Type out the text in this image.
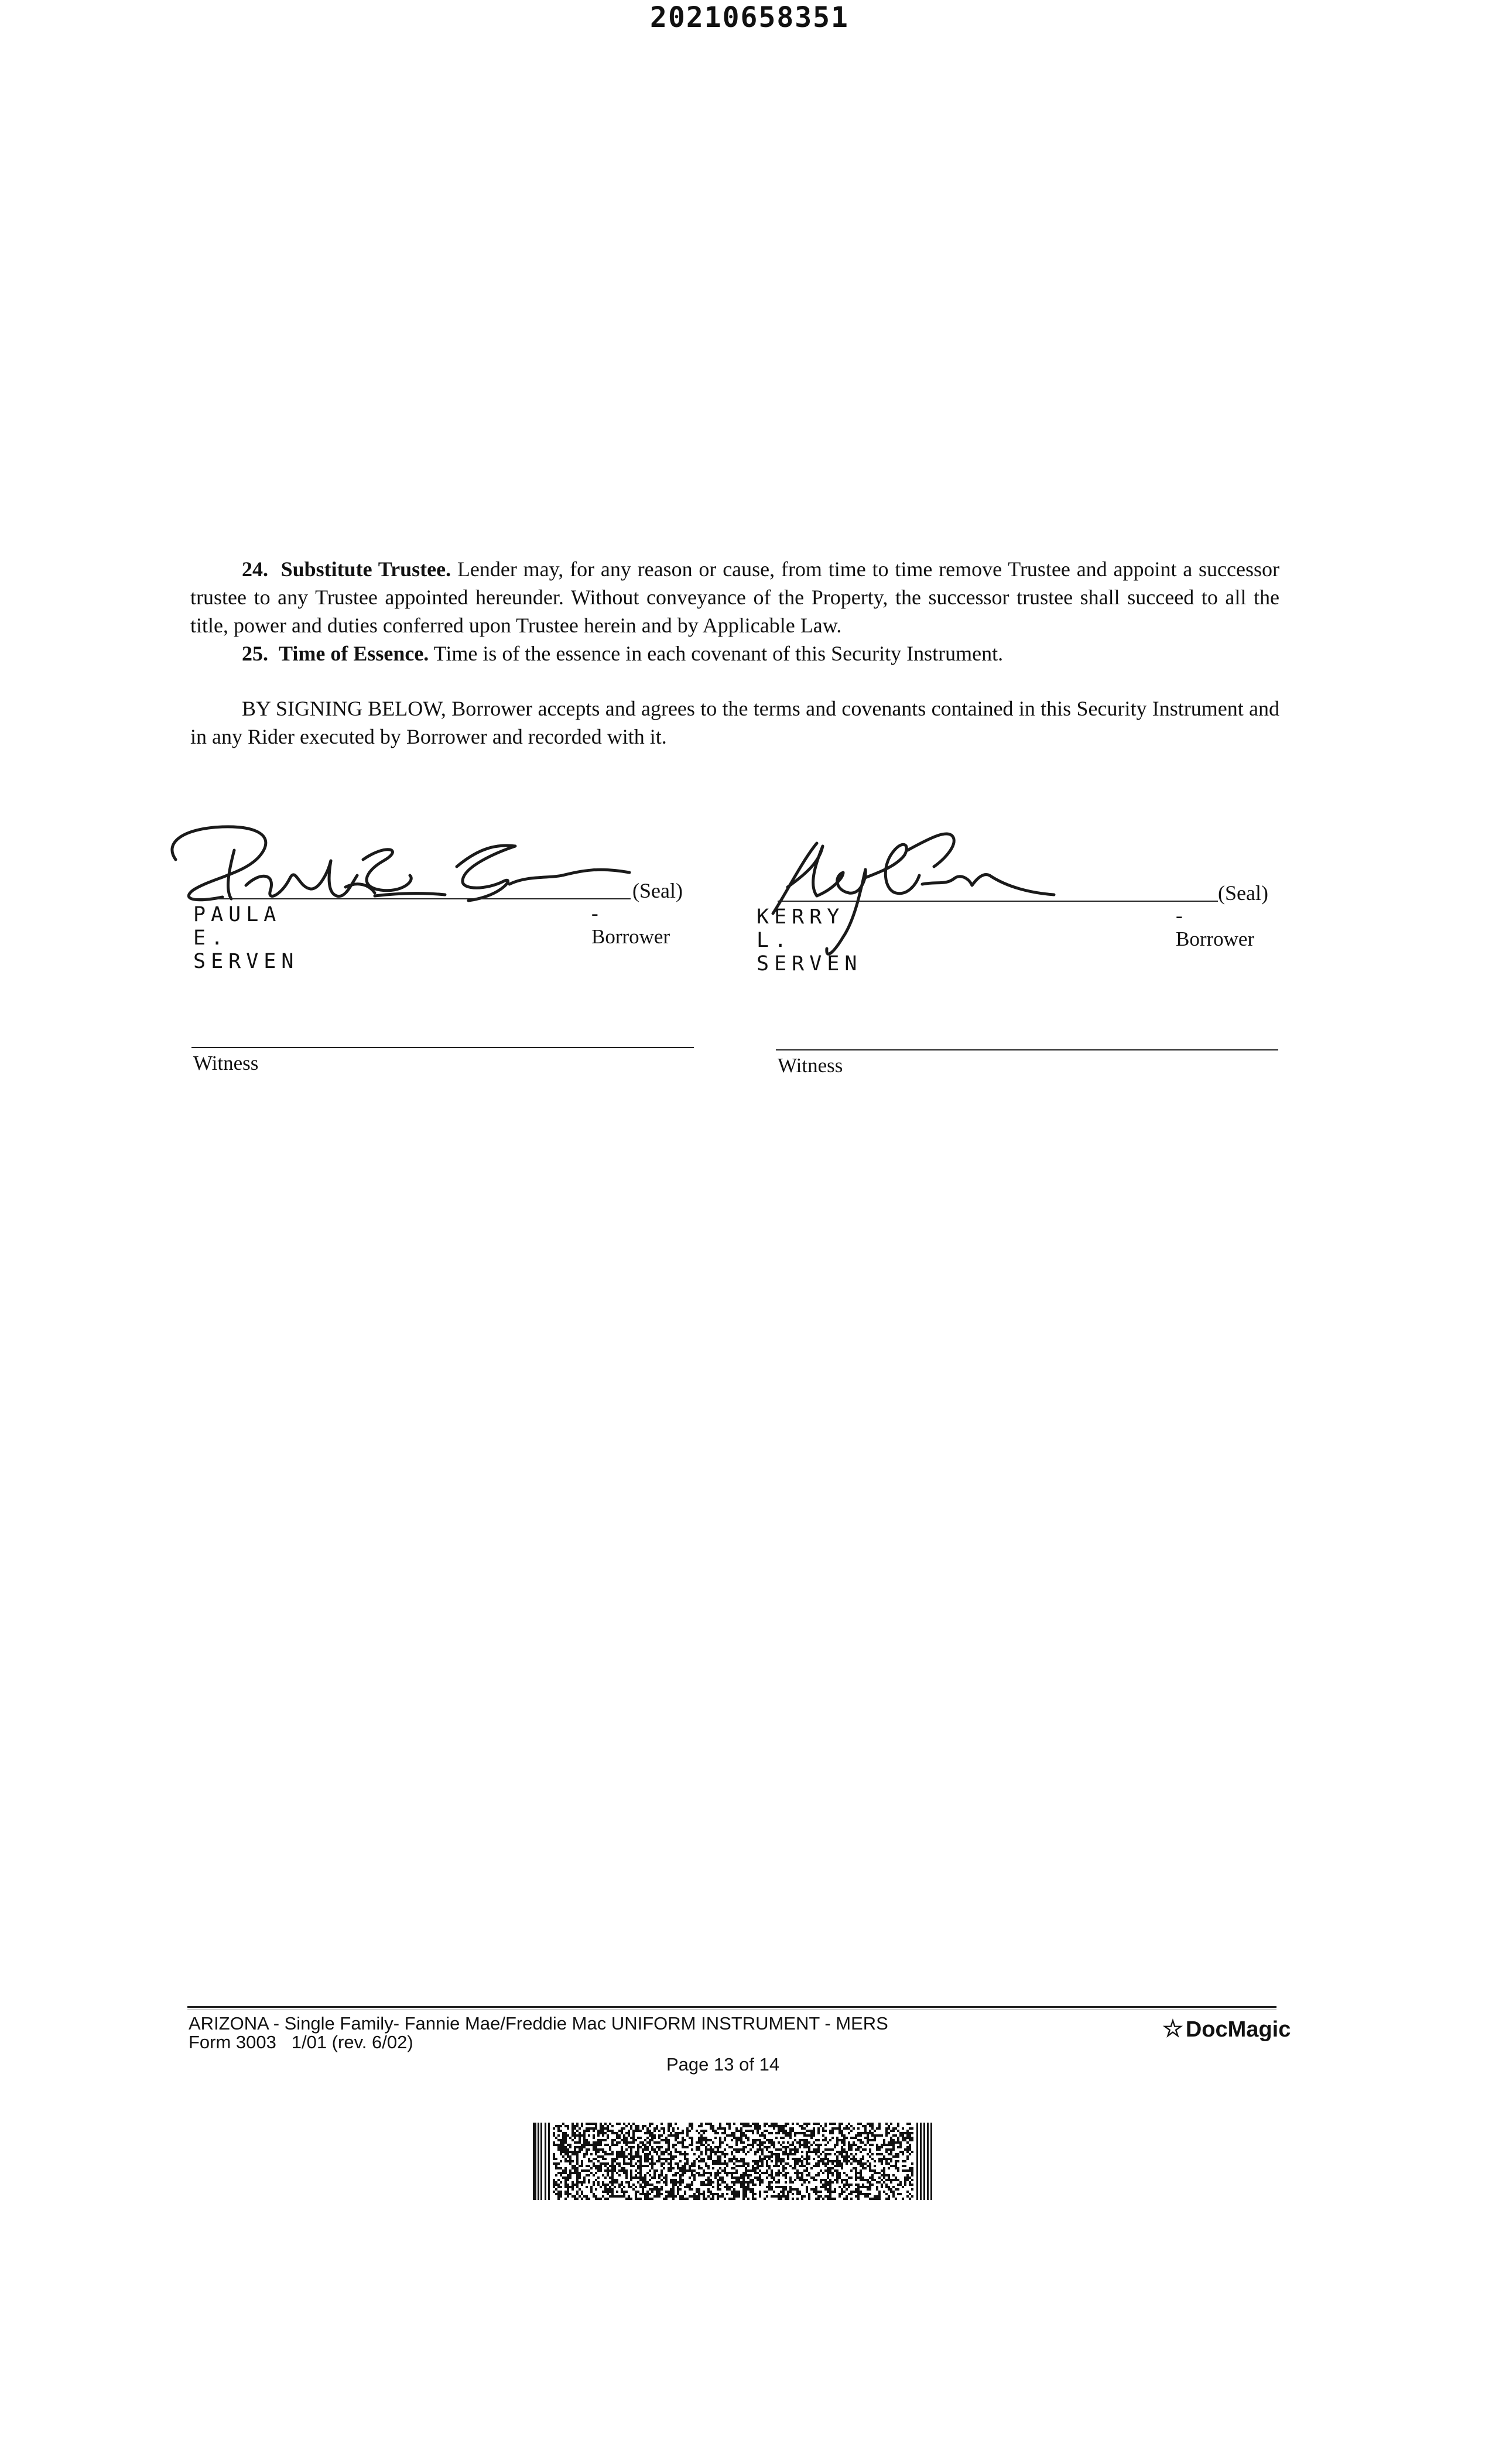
20210658351

24. Substitute Trustee. Lender may, for any reason or cause, from time to time remove Trustee and appoint a successor trustee to any Trustee appointed hereunder. Without conveyance of the Property, the successor trustee shall succeed to all the title, power and duties conferred upon Trustee herein and by Applicable Law.

25. Time of Essence. Time is of the essence in each covenant of this Security Instrument.

BY SIGNING BELOW, Borrower accepts and agrees to the terms and covenants contained in this Security Instrument and in any Rider executed by Borrower and recorded with it.

(Seal)
PAULA E. SERVEN
-Borrower
(Seal)
KERRY L. SERVEN
-Borrower
Witness	Witness
ARIZONA - Single Family- Fannie Mae/Freddie Mac UNIFORM INSTRUMENT - MERS
Form 3003   1/01 (rev. 6/02)
Page 13 of 14
☆ DocMagic
